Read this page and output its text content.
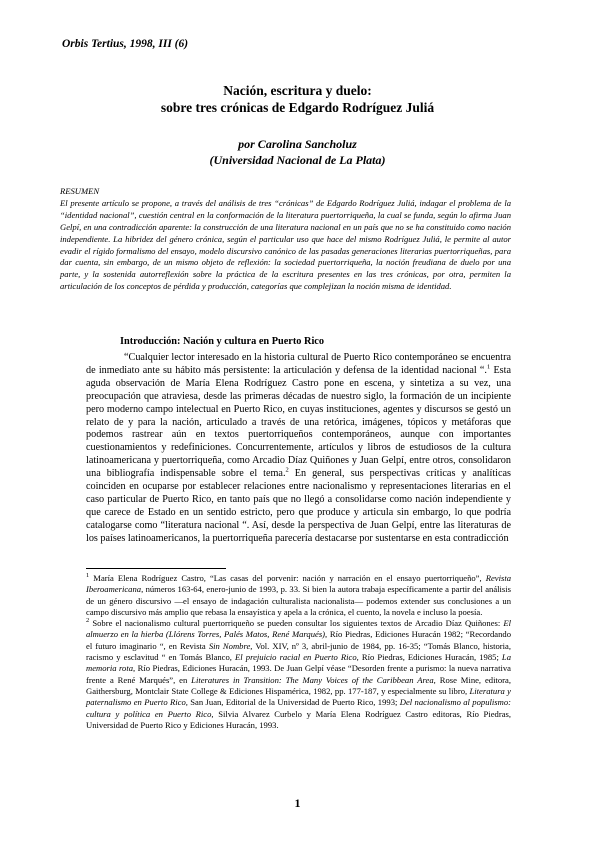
Orbis Tertius, 1998, III (6)
Nación, escritura y duelo:
sobre tres crónicas de Edgardo Rodríguez Juliá
por Carolina Sancholuz
(Universidad Nacional de La Plata)
RESUMEN
El presente artículo se propone, a través del análisis de tres “crónicas” de Edgardo Rodríguez Juliá, indagar el problema de la “identidad nacional”, cuestión central en la conformación de la literatura puertorriqueña, la cual se funda, según lo afirma Juan Gelpí, en una contradicción aparente: la construcción de una literatura nacional en un país que no se ha constituido como nación independiente. La hibridez del género crónica, según el particular uso que hace del mismo Rodríguez Juliá, le permite al autor evadir el rígido formalismo del ensayo, modelo discursivo canónico de las pasadas generaciones literarias puertorriqueñas, para dar cuenta, sin embargo, de un mismo objeto de reflexión: la sociedad puertorriqueña, la noción freudiana de duelo por una parte, y la sostenida autorreflexión sobre la práctica de la escritura presentes en las tres crónicas, por otra, permiten la articulación de los conceptos de pérdida y producción, categorías que complejizan la noción misma de identidad.
Introducción: Nación y cultura en Puerto Rico

“Cualquier lector interesado en la historia cultural de Puerto Rico contemporáneo se encuentra de inmediato ante su hábito más persistente: la articulación y defensa de la identidad nacional “.$^1$ Esta aguda observación de María Elena Rodríguez Castro pone en escena, y sintetiza a su vez, una preocupación que atraviesa, desde las primeras décadas de nuestro siglo, la formación de un incipiente pero moderno campo intelectual en Puerto Rico, en cuyas instituciones, agentes y discursos se gestó un relato de y para la nación, articulado a través de una retórica, imágenes, tópicos y metáforas que podemos rastrear aún en textos puertorriqueños contemporáneos, aunque con importantes cuestionamientos y redefiniciones. Concurrentemente, artículos y libros de estudiosos de la cultura latinoamericana y puertorriqueña, como Arcadio Díaz Quiñones y Juan Gelpí, entre otros, consolidaron una bibliografía indispensable sobre el tema.$^2$ En general, sus perspectivas críticas y analíticas coinciden en ocuparse por establecer relaciones entre nacionalismo y representaciones literarias en el caso particular de Puerto Rico, en tanto país que no llegó a consolidarse como nación independiente y que carece de Estado en un sentido estricto, pero que produce y articula sin embargo, lo que podría catalogarse como “literatura nacional “. Así, desde la perspectiva de Juan Gelpí, entre las literaturas de los países latinoamericanos, la puertorriqueña parecería destacarse por sustentarse en esta contradicción

$^1$ María Elena Rodríguez Castro, “Las casas del porvenir: nación y narración en el ensayo puertorriqueño”, Revista Iberoamericana, números 163-64, enero-junio de 1993, p. 33. Si bien la autora trabaja específicamente a partir del análisis de un género discursivo —el ensayo de indagación culturalista nacionalista— podemos extender sus conclusiones a un campo discursivo más amplio que rebasa la ensayística y apela a la crónica, el cuento, la novela e incluso la poesía.

$^2$ Sobre el nacionalismo cultural puertorriqueño se pueden consultar los siguientes textos de Arcadio Díaz Quiñones: El almuerzo en la hierba (Llórens Torres, Palés Matos, René Marqués), Río Piedras, Ediciones Huracán 1982; “Recordando el futuro imaginario “, en Revista Sin Nombre, Vol. XIV, nº 3, abril-junio de 1984, pp. 16-35; “Tomás Blanco, historia, racismo y esclavitud “ en Tomás Blanco, El prejuicio racial en Puerto Rico, Río Piedras, Ediciones Huracán, 1985; La memoria rota, Río Piedras, Ediciones Huracán, 1993. De Juan Gelpí véase “Desorden frente a purismo: la nueva narrativa frente a René Marqués”, en Literatures in Transition: The Many Voices of the Caribbean Area, Rose Mine, editora, Gaithersburg, Montclair State College & Ediciones Hispamérica, 1982, pp. 177-187, y especialmente su libro, Literatura y paternalismo en Puerto Rico, San Juan, Editorial de la Universidad de Puerto Rico, 1993; Del nacionalismo al populismo: cultura y política en Puerto Rico, Silvia Alvarez Curbelo y María Elena Rodríguez Castro editoras, Río Piedras, Universidad de Puerto Rico y Ediciones Huracán, 1993.

1
